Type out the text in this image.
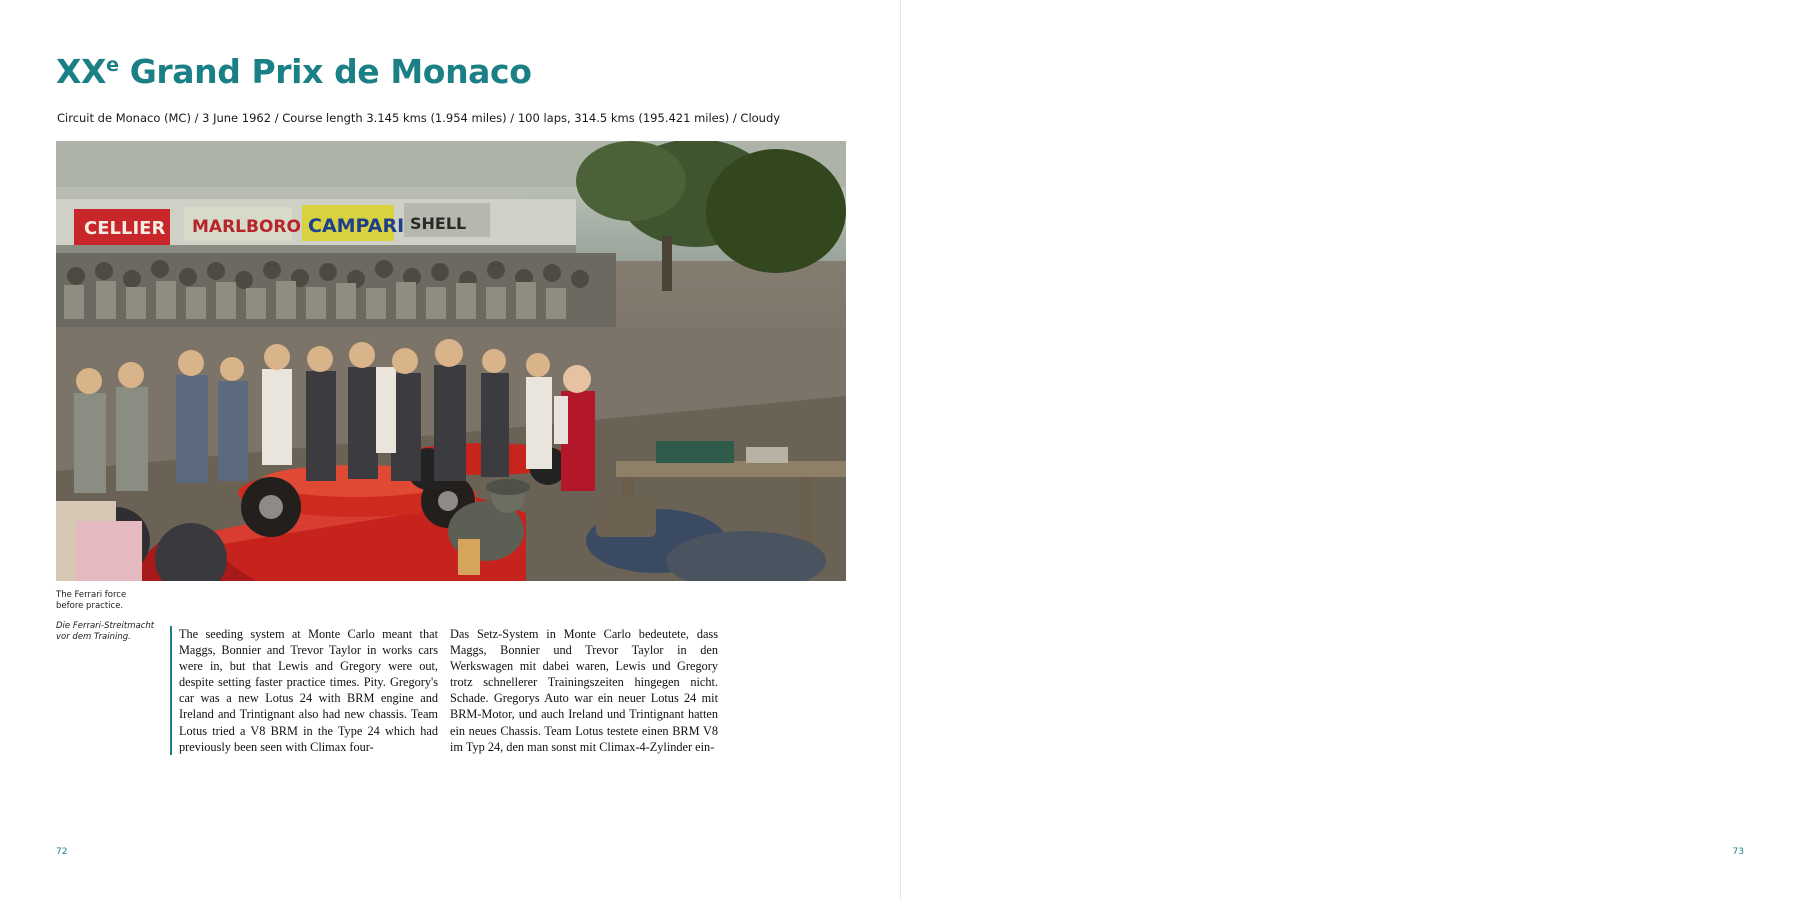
XXe Grand Prix de Monaco
Circuit de Monaco (MC) / 3 June 1962 / Course length 3.145 kms (1.954 miles) / 100 laps, 314.5 kms (195.421 miles) / Cloudy
CELLIER MARLBORO CAMPARI SHELL
The Ferrari force before practice.
Die Ferrari-Streitmacht vor dem Training.	The seeding system at Monte Carlo meant that Maggs, Bonnier and Trevor Taylor in works cars were in, but that Lewis and Gregory were out, despite setting faster practice times. Pity. Gregory's car was a new Lotus 24 with BRM engine and Ireland and Trintignant also had new chassis. Team Lotus tried a V8 BRM in the Type 24 which had previously been seen with Climax four-
Das Setz-System in Monte Carlo bedeutete, dass Maggs, Bonnier und Trevor Taylor in den Werkswagen mit dabei waren, Lewis und Gregory trotz schnellerer Trainingszeiten hingegen nicht. Schade. Gregorys Auto war ein neuer Lotus 24 mit BRM-Motor, und auch Ireland und Trintignant hatten ein neues Chassis. Team Lotus testete einen BRM V8 im Typ 24, den man sonst mit Climax-4-Zylinder ein-
72
	73
